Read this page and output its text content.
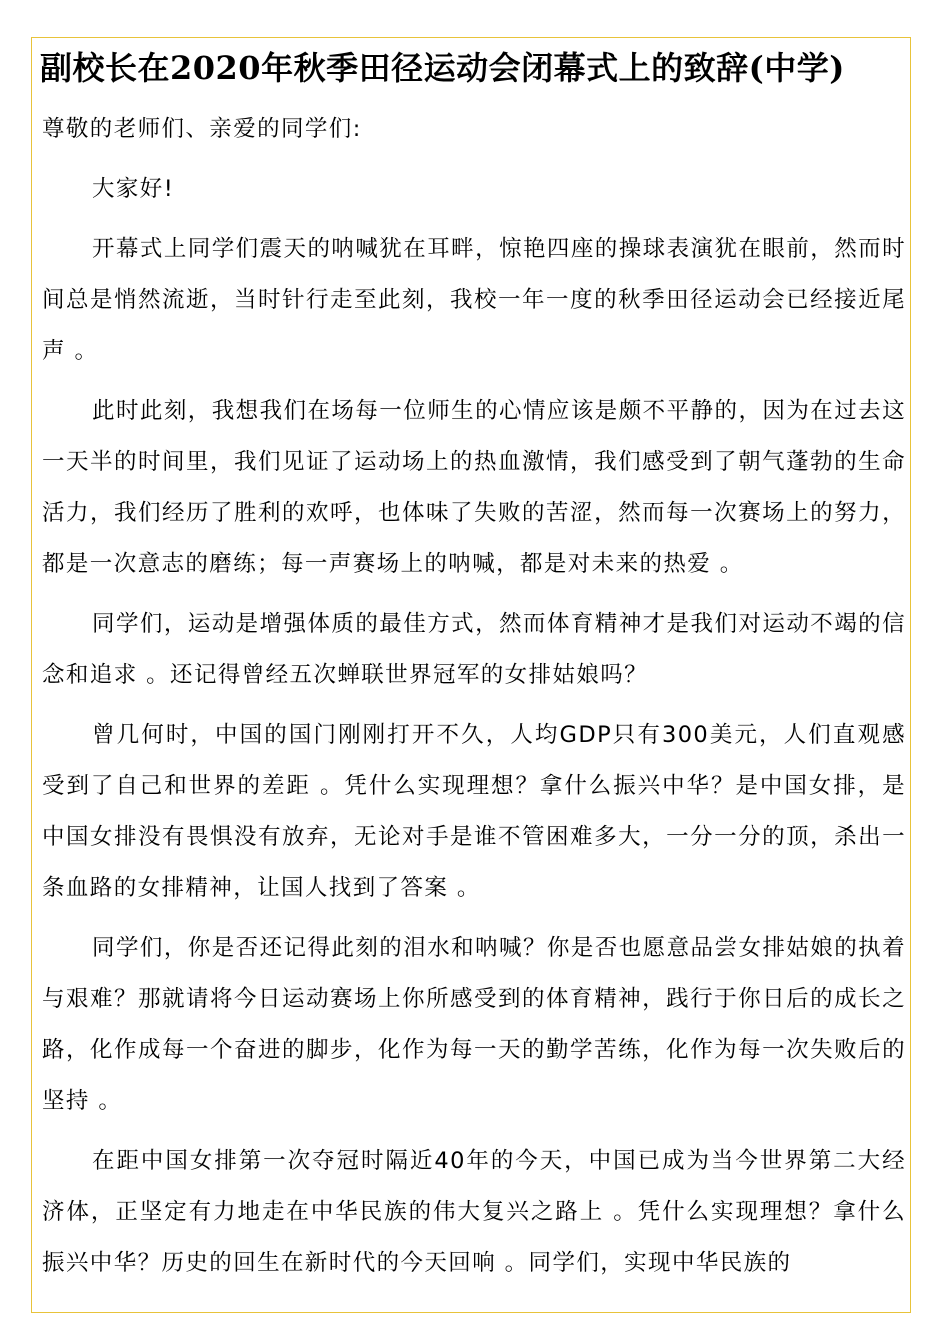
副校长在2020年秋季田径运动会闭幕式上的致辞(中学)

尊敬的老师们、亲爱的同学们:

大家好!

开幕式上同学们震天的呐喊犹在耳畔，惊艳四座的操球表演犹在眼前，然而时间总是悄然流逝，当时针行走至此刻，我校一年一度的秋季田径运动会已经接近尾声 。

此时此刻，我想我们在场每一位师生的心情应该是颇不平静的，因为在过去这一天半的时间里，我们见证了运动场上的热血激情，我们感受到了朝气蓬勃的生命活力，我们经历了胜利的欢呼，也体味了失败的苦涩，然而每一次赛场上的努力，都是一次意志的磨练；每一声赛场上的呐喊，都是对未来的热爱 。

同学们，运动是增强体质的最佳方式，然而体育精神才是我们对运动不竭的信念和追求 。还记得曾经五次蝉联世界冠军的女排姑娘吗？

曾几何时，中国的国门刚刚打开不久，人均GDP只有300美元，人们直观感受到了自己和世界的差距 。凭什么实现理想？拿什么振兴中华？是中国女排，是中国女排没有畏惧没有放弃，无论对手是谁不管困难多大，一分一分的顶，杀出一条血路的女排精神，让国人找到了答案 。

同学们，你是否还记得此刻的泪水和呐喊？你是否也愿意品尝女排姑娘的执着与艰难？那就请将今日运动赛场上你所感受到的体育精神，践行于你日后的成长之路，化作成每一个奋进的脚步，化作为每一天的勤学苦练，化作为每一次失败后的坚持 。

在距中国女排第一次夺冠时隔近40年的今天，中国已成为当今世界第二大经济体，正坚定有力地走在中华民族的伟大复兴之路上 。凭什么实现理想？拿什么振兴中华？历史的回生在新时代的今天回响 。同学们，实现中华民族的
